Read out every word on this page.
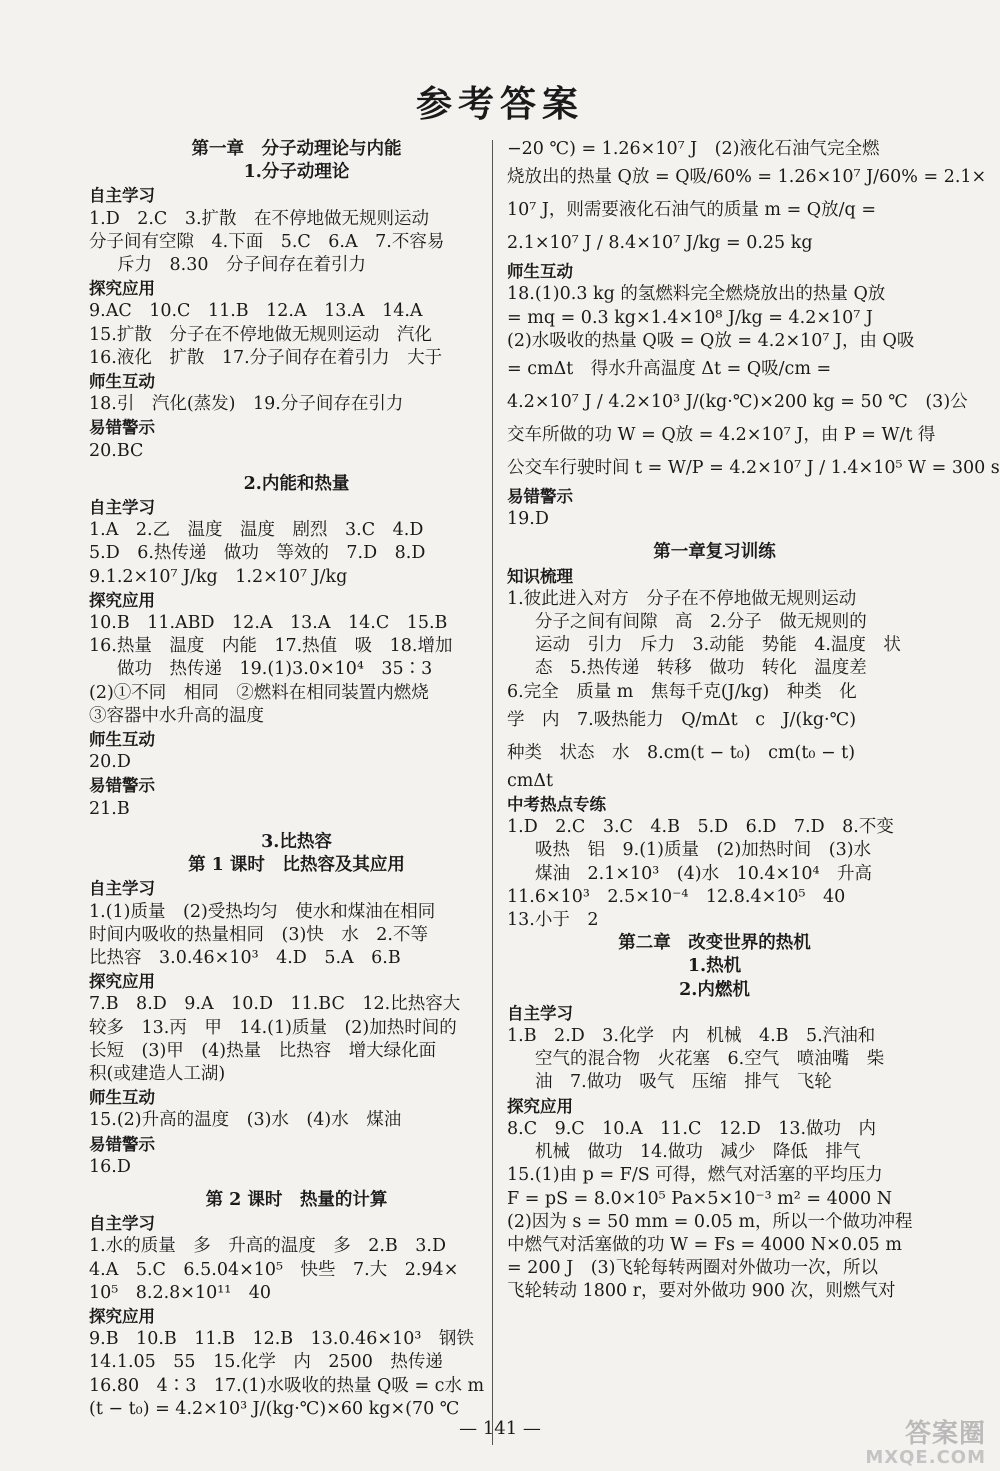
参考答案
第一章　分子动理论与内能
1.分子动理论
自主学习
1.D　2.C　3.扩散　在不停地做无规则运动
分子间有空隙　4.下面　5.C　6.A　7.不容易
斥力　8.30　分子间存在着引力
探究应用
9.AC　10.C　11.B　12.A　13.A　14.A
15.扩散　分子在不停地做无规则运动　汽化
16.液化　扩散　17.分子间存在着引力　大于
师生互动
18.引　汽化(蒸发)　19.分子间存在引力
易错警示
20.BC
2.内能和热量
自主学习
1.A　2.乙　温度　温度　剧烈　3.C　4.D
5.D　6.热传递　做功　等效的　7.D　8.D
9.1.2×10⁷ J/kg　1.2×10⁷ J/kg
探究应用
10.B　11.ABD　12.A　13.A　14.C　15.B
16.热量　温度　内能　17.热值　吸　18.增加
做功　热传递　19.(1)3.0×10⁴　35∶3
(2)①不同　相同　②燃料在相同装置内燃烧
③容器中水升高的温度
师生互动
20.D
易错警示
21.B
3.比热容
第 1 课时　比热容及其应用
自主学习
1.(1)质量　(2)受热均匀　使水和煤油在相同
时间内吸收的热量相同　(3)快　水　2.不等
比热容　3.0.46×10³　4.D　5.A　6.B
探究应用
7.B　8.D　9.A　10.D　11.BC　12.比热容大
较多　13.丙　甲　14.(1)质量　(2)加热时间的
长短　(3)甲　(4)热量　比热容　增大绿化面
积(或建造人工湖)
师生互动
15.(2)升高的温度　(3)水　(4)水　煤油
易错警示
16.D
第 2 课时　热量的计算
自主学习
1.水的质量　多　升高的温度　多　2.B　3.D
4.A　5.C　6.5.04×10⁵　快些　7.大　2.94×
10⁵　8.2.8×10¹¹　40
探究应用
9.B　10.B　11.B　12.B　13.0.46×10³　钢铁
14.1.05　55　15.化学　内　2500　热传递
16.80　4∶3　17.(1)水吸收的热量 Q吸 = c水 m
(t − t₀) = 4.2×10³ J/(kg·℃)×60 kg×(70 ℃
−20 ℃) = 1.26×10⁷ J　(2)液化石油气完全燃
烧放出的热量 Q放 = Q吸/60% = 1.26×10⁷ J/60% = 2.1×
10⁷ J，则需要液化石油气的质量 m = Q放/q =
2.1×10⁷ J / 8.4×10⁷ J/kg = 0.25 kg
师生互动
18.(1)0.3 kg 的氢燃料完全燃烧放出的热量 Q放
= mq = 0.3 kg×1.4×10⁸ J/kg = 4.2×10⁷ J
(2)水吸收的热量 Q吸 = Q放 = 4.2×10⁷ J，由 Q吸
= cmΔt　得水升高温度 Δt = Q吸/cm =
4.2×10⁷ J / 4.2×10³ J/(kg·℃)×200 kg = 50 ℃　(3)公
交车所做的功 W = Q放 = 4.2×10⁷ J，由 P = W/t 得
公交车行驶时间 t = W/P = 4.2×10⁷ J / 1.4×10⁵ W = 300 s
易错警示
19.D
第一章复习训练
知识梳理
1.彼此进入对方　分子在不停地做无规则运动
分子之间有间隙　高　2.分子　做无规则的
运动　引力　斥力　3.动能　势能　4.温度　状
态　5.热传递　转移　做功　转化　温度差
6.完全　质量 m　焦每千克(J/kg)　种类　化
学　内　7.吸热能力　Q/mΔt　c　J/(kg·℃)
种类　状态　水　8.cm(t − t₀)　cm(t₀ − t)
cmΔt
中考热点专练
1.D　2.C　3.C　4.B　5.D　6.D　7.D　8.不变
吸热　铝　9.(1)质量　(2)加热时间　(3)水
煤油　2.1×10³　(4)水　10.4×10⁴　升高
11.6×10³　2.5×10⁻⁴　12.8.4×10⁵　40
13.小于　2
第二章　改变世界的热机
1.热机
2.内燃机
自主学习
1.B　2.D　3.化学　内　机械　4.B　5.汽油和
空气的混合物　火花塞　6.空气　喷油嘴　柴
油　7.做功　吸气　压缩　排气　飞轮
探究应用
8.C　9.C　10.A　11.C　12.D　13.做功　内
机械　做功　14.做功　减少　降低　排气
15.(1)由 p = F/S 可得，燃气对活塞的平均压力
F = pS = 8.0×10⁵ Pa×5×10⁻³ m² = 4000 N
(2)因为 s = 50 mm = 0.05 m，所以一个做功冲程
中燃气对活塞做的功 W = Fs = 4000 N×0.05 m
= 200 J　(3)飞轮每转两圈对外做功一次，所以
飞轮转动 1800 r，要对外做功 900 次，则燃气对
— 141 —	答案圈
MXQE.COM
